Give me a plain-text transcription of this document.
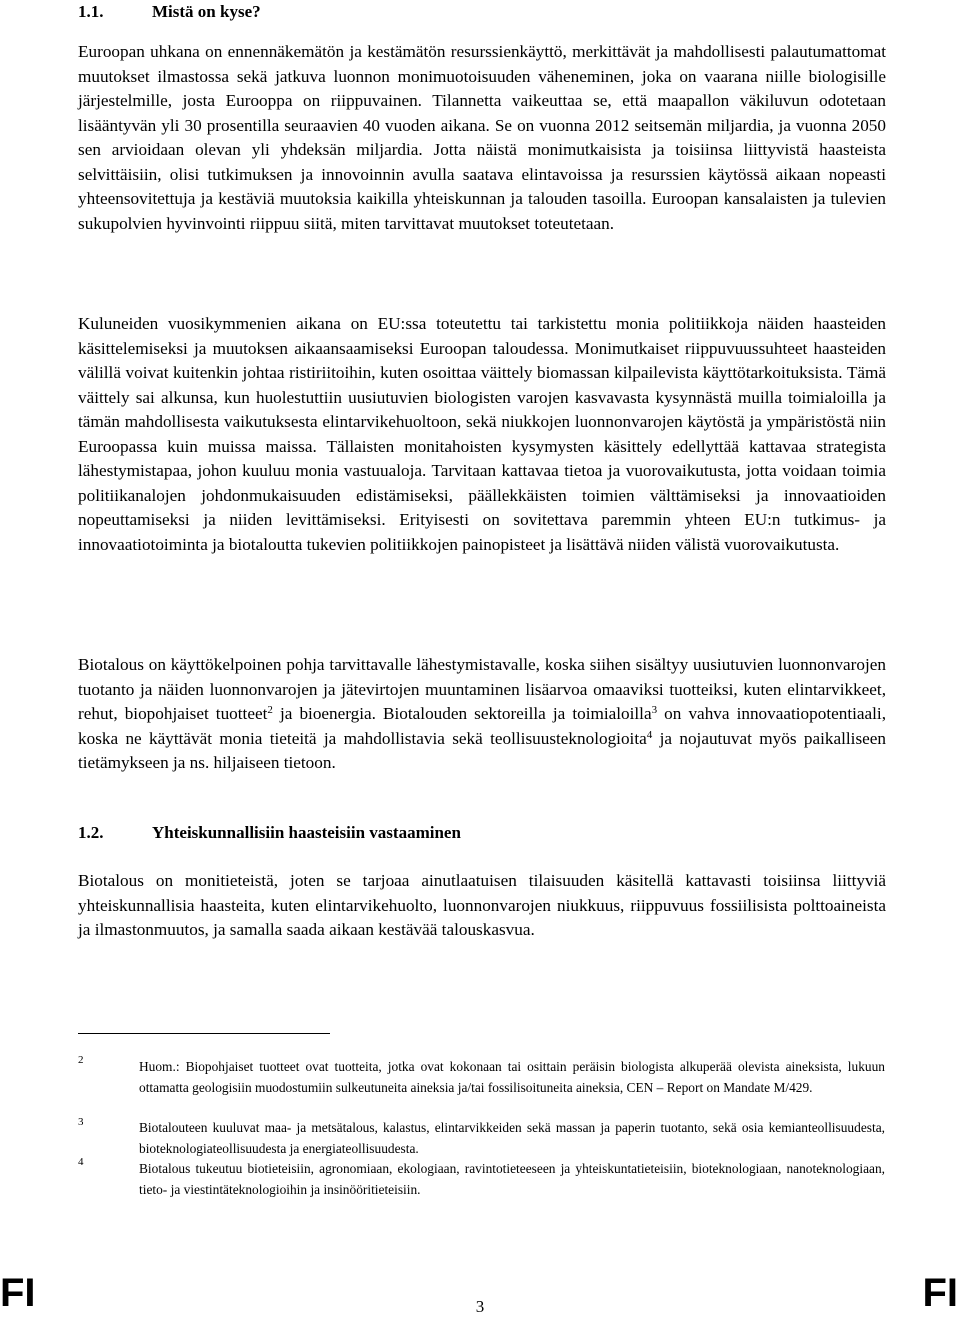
1.1.	Mistä on kyse?

Euroopan uhkana on ennennäkemätön ja kestämätön resurssienkäyttö, merkittävät ja mahdollisesti palautumattomat muutokset ilmastossa sekä jatkuva luonnon monimuotoisuuden väheneminen, joka on vaarana niille biologisille järjestelmille, josta Eurooppa on riippuvainen. Tilannetta vaikeuttaa se, että maapallon väkiluvun odotetaan lisääntyvän yli 30 prosentilla seuraavien 40 vuoden aikana. Se on vuonna 2012 seitsemän miljardia, ja vuonna 2050 sen arvioidaan olevan yli yhdeksän miljardia. Jotta näistä monimutkaisista ja toisiinsa liittyvistä haasteista selvittäisiin, olisi tutkimuksen ja innovoinnin avulla saatava elintavoissa ja resurssien käytössä aikaan nopeasti yhteensovitettuja ja kestäviä muutoksia kaikilla yhteiskunnan ja talouden tasoilla. Euroopan kansalaisten ja tulevien sukupolvien hyvinvointi riippuu siitä, miten tarvittavat muutokset toteutetaan.

Kuluneiden vuosikymmenien aikana on EU:ssa toteutettu tai tarkistettu monia politiikkoja näiden haasteiden käsittelemiseksi ja muutoksen aikaansaamiseksi Euroopan taloudessa. Monimutkaiset riippuvuussuhteet haasteiden välillä voivat kuitenkin johtaa ristiriitoihin, kuten osoittaa väittely biomassan kilpailevista käyttötarkoituksista. Tämä väittely sai alkunsa, kun huolestuttiin uusiutuvien biologisten varojen kasvavasta kysynnästä muilla toimialoilla ja tämän mahdollisesta vaikutuksesta elintarvikehuoltoon, sekä niukkojen luonnonvarojen käytöstä ja ympäristöstä niin Euroopassa kuin muissa maissa. Tällaisten monitahoisten kysymysten käsittely edellyttää kattavaa strategista lähestymistapaa, johon kuuluu monia vastuualoja. Tarvitaan kattavaa tietoa ja vuorovaikutusta, jotta voidaan toimia politiikanalojen johdonmukaisuuden edistämiseksi, päällekkäisten toimien välttämiseksi ja innovaatioiden nopeuttamiseksi ja niiden levittämiseksi. Erityisesti on sovitettava paremmin yhteen EU:n tutkimus- ja innovaatiotoiminta ja biotaloutta tukevien politiikkojen painopisteet ja lisättävä niiden välistä vuorovaikutusta.

Biotalous on käyttökelpoinen pohja tarvittavalle lähestymistavalle, koska siihen sisältyy uusiutuvien luonnonvarojen tuotanto ja näiden luonnonvarojen ja jätevirtojen muuntaminen lisäarvoa omaaviksi tuotteiksi, kuten elintarvikkeet, rehut, biopohjaiset tuotteet$^2$ ja bioenergia. Biotalouden sektoreilla ja toimialoilla$^3$ on vahva innovaatiopotentiaali, koska ne käyttävät monia tieteitä ja mahdollistavia sekä teollisuusteknologioita$^4$ ja nojautuvat myös paikalliseen tietämykseen ja ns. hiljaiseen tietoon.

1.2.	Yhteiskunnallisiin haasteisiin vastaaminen

Biotalous on monitieteistä, joten se tarjoaa ainutlaatuisen tilaisuuden käsitellä kattavasti toisiinsa liittyviä yhteiskunnallisia haasteita, kuten elintarvikehuolto, luonnonvarojen niukkuus, riippuvuus fossiilisista polttoaineista ja ilmastonmuutos, ja samalla saada aikaan kestävää talouskasvua.

2	Huom.: Biopohjaiset tuotteet ovat tuotteita, jotka ovat kokonaan tai osittain peräisin biologista alkuperää olevista aineksista, lukuun ottamatta geologisiin muodostumiin sulkeutuneita aineksia ja/tai fossilisoituneita aineksia, CEN – Report on Mandate M/429.

3	Biotalouteen kuuluvat maa- ja metsätalous, kalastus, elintarvikkeiden sekä massan ja paperin tuotanto, sekä osia kemianteollisuudesta, bioteknologiateollisuudesta ja energiateollisuudesta.

4	Biotalous tukeutuu biotieteisiin, agronomiaan, ekologiaan, ravintotieteeseen ja yhteiskuntatieteisiin, bioteknologiaan, nanoteknologiaan, tieto- ja viestintäteknologioihin ja insinööritieteisiin.

FI	3	FI
